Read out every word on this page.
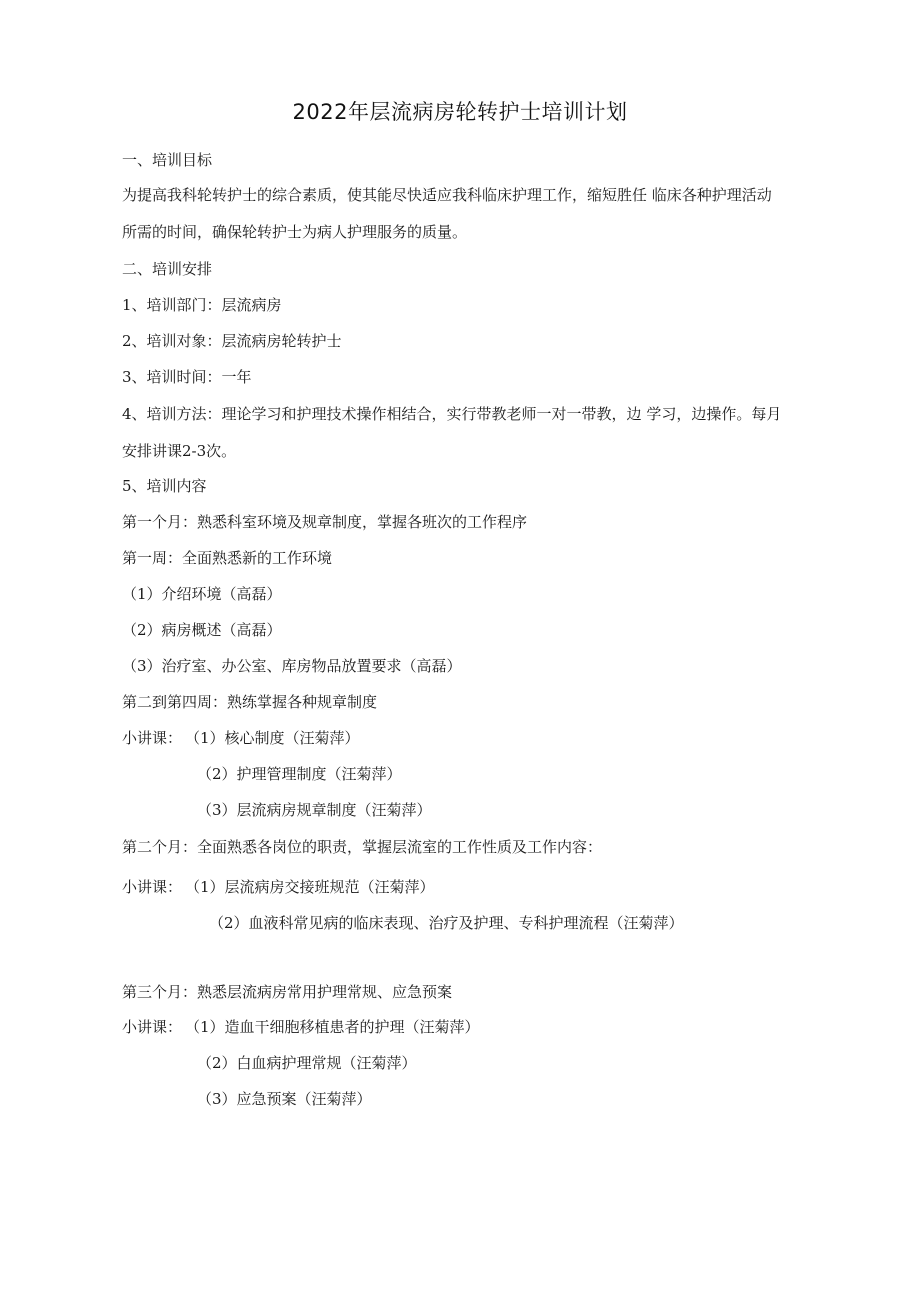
2022年层流病房轮转护士培训计划
一、培训目标
为提高我科轮转护士的综合素质，使其能尽快适应我科临床护理工作，缩短胜任 临床各种护理活动所需的时间，确保轮转护士为病人护理服务的质量。
二、培训安排
1、培训部门：层流病房
2、培训对象：层流病房轮转护士
3、培训时间：一年
4、培训方法：理论学习和护理技术操作相结合，实行带教老师一对一带教，边 学习，边操作。每月安排讲课2-3次。
5、培训内容
第一个月：熟悉科室环境及规章制度，掌握各班次的工作程序
第一周：全面熟悉新的工作环境
（1）介绍环境（高磊）
（2）病房概述（高磊）
（3）治疗室、办公室、库房物品放置要求（高磊）
第二到第四周：熟练掌握各种规章制度
小讲课： （1）核心制度（汪菊萍）
（2）护理管理制度（汪菊萍）
（3）层流病房规章制度（汪菊萍）
第二个月：全面熟悉各岗位的职责，掌握层流室的工作性质及工作内容：
小讲课： （1）层流病房交接班规范（汪菊萍）
（2）血液科常见病的临床表现、治疗及护理、专科护理流程（汪菊萍）
第三个月：熟悉层流病房常用护理常规、应急预案
小讲课： （1）造血干细胞移植患者的护理（汪菊萍）
（2）白血病护理常规（汪菊萍）
（3）应急预案（汪菊萍）
